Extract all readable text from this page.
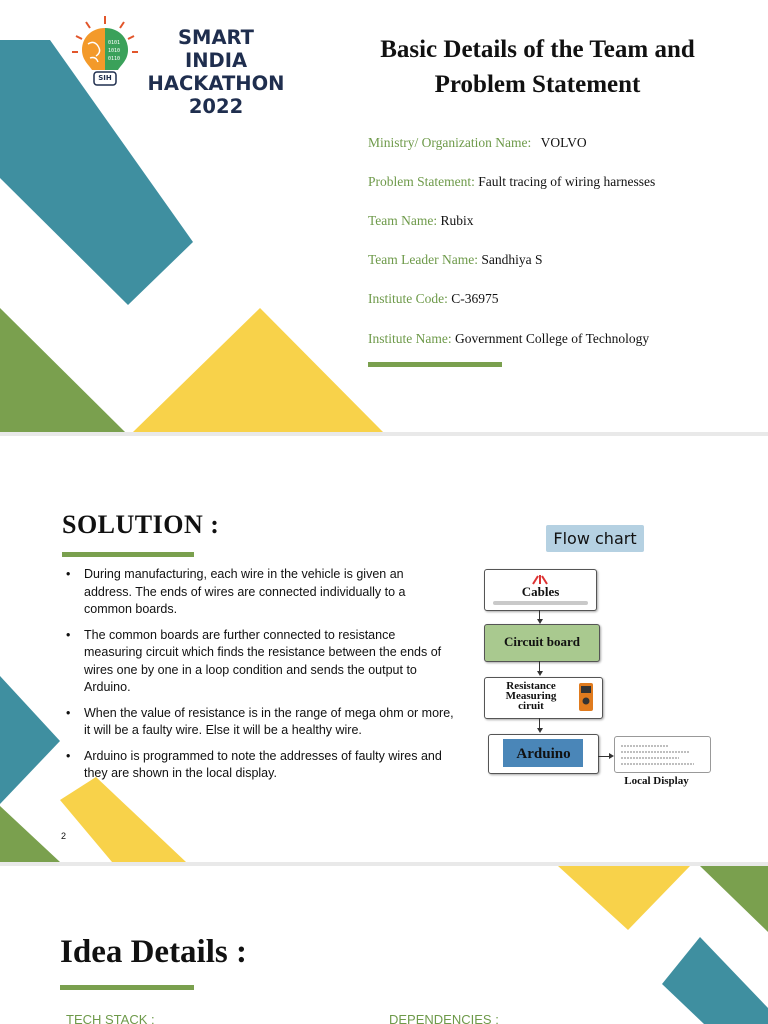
0101
1010
0110
SIH
SMART INDIA
HACKATHON
2022
Basic Details of the Team and
Problem Statement
Ministry/ Organization Name: VOLVO
Problem Statement: Fault tracing of wiring harnesses
Team Name: Rubix
Team Leader Name: Sandhiya S
Institute Code: C-36975
Institute Name: Government College of Technology
SOLUTION :
• During manufacturing, each wire in the vehicle is given an address. The ends of wires are connected individually to a common boards.
• The common boards are further connected to resistance measuring circuit which finds the resistance between the ends of wires one by one in a loop condition and sends the output to Arduino.
• When the value of resistance is in the range of mega ohm or more, it will be a faulty wire. Else it will be a healthy wire.
• Arduino is programmed to note the addresses of faulty wires and they are shown in the local display.
2
Flow chart
Cables
Circuit board
Resistance
Measuring
ciruit
Arduino
Local Display
Idea Details :
TECH STACK :	DEPENDENCIES :
